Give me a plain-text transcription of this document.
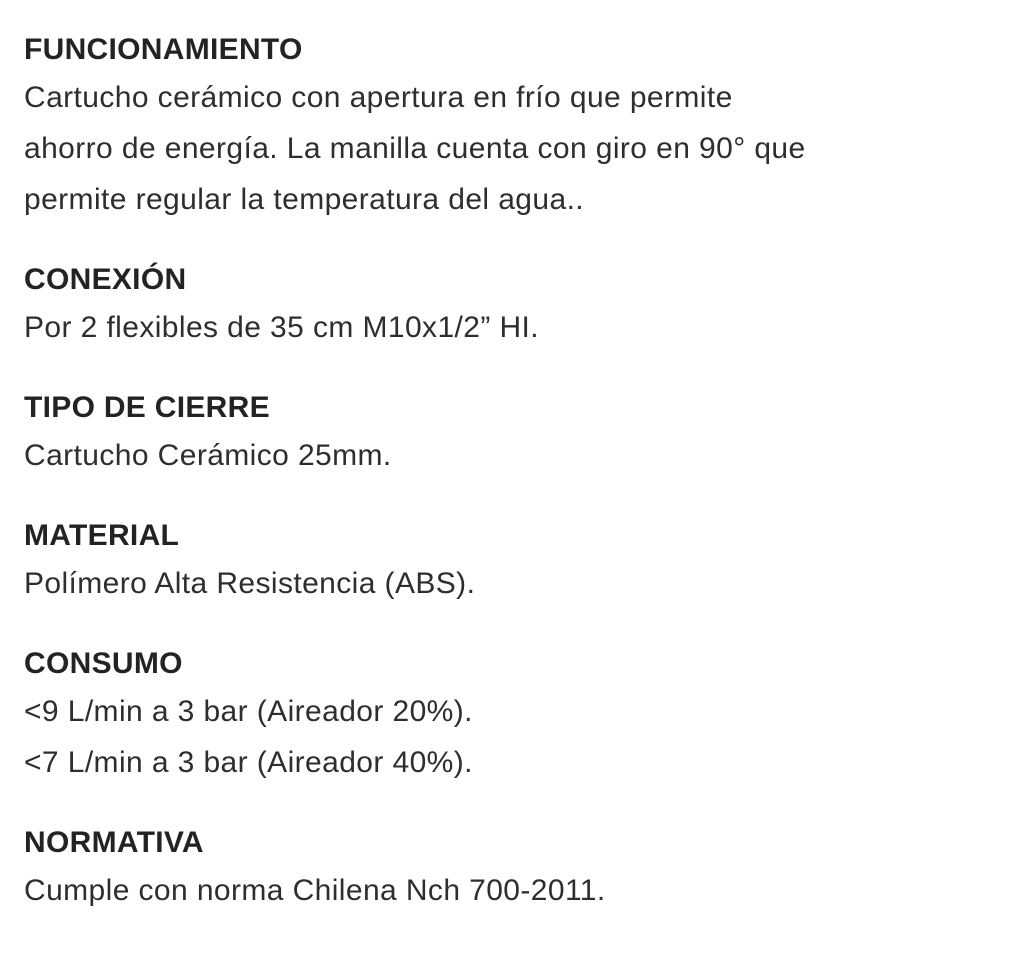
FUNCIONAMIENTO

Cartucho cerámico con apertura en frío que permite

ahorro de energía. La manilla cuenta con giro en 90° que

permite regular la temperatura del agua..

CONEXIÓN

Por 2 flexibles de 35 cm M10x1/2” HI.

TIPO DE CIERRE

Cartucho Cerámico 25mm.

MATERIAL

Polímero Alta Resistencia (ABS).

CONSUMO

<9 L/min a 3 bar (Aireador 20%).

<7 L/min a 3 bar (Aireador 40%).

NORMATIVA

Cumple con norma Chilena Nch 700-2011.
